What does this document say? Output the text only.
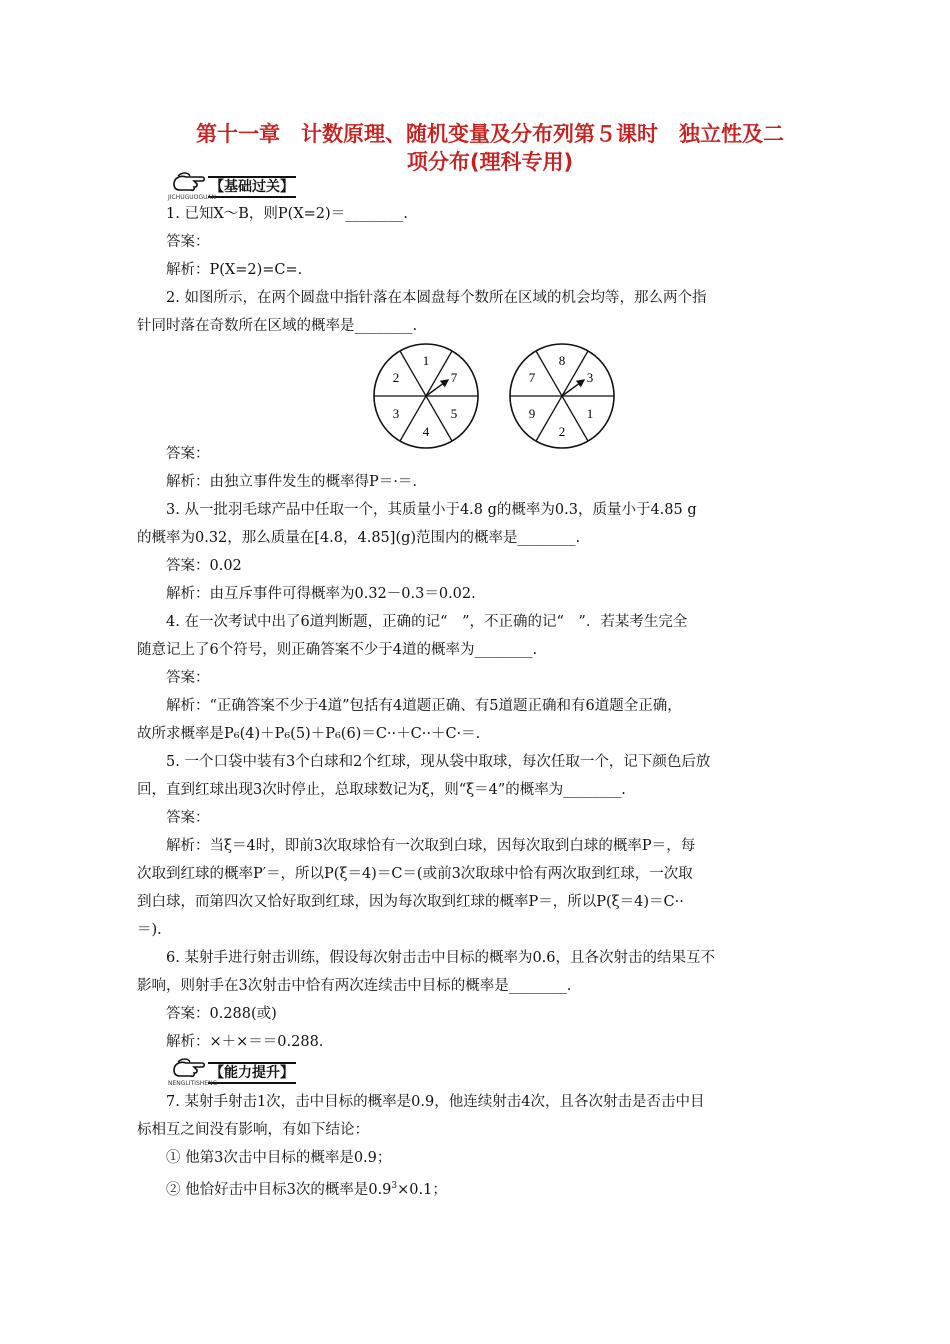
第十一章　计数原理、随机变量及分布列第５课时　独立性及二
项分布(理科专用)
【基础过关】
JICHUGUOGUAN
1. 已知X～B，则P(X=2)＝________.
答案：
解析：P(X=2)=C=.
2. 如图所示，在两个圆盘中指针落在本圆盘每个数所在区域的机会均等，那么两个指
针同时落在奇数所在区域的概率是________.
1
7
5
4
3
2
8
3
1
2
9
7
答案：
解析：由独立事件发生的概率得P＝·＝.
3. 从一批羽毛球产品中任取一个，其质量小于4.8 g的概率为0.3，质量小于4.85 g
的概率为0.32，那么质量在[4.8，4.85](g)范围内的概率是________.
答案：0.02
解析：由互斥事件可得概率为0.32－0.3＝0.02.
4. 在一次考试中出了6道判断题，正确的记“　”，不正确的记“　”．若某考生完全
随意记上了6个符号，则正确答案不少于4道的概率为________.
答案：
解析：“正确答案不少于4道”包括有4道题正确、有5道题正确和有6道题全正确，
故所求概率是P₆(4)＋P₆(5)＋P₆(6)＝C··＋C··＋C·＝.
5. 一个口袋中装有3个白球和2个红球，现从袋中取球，每次任取一个，记下颜色后放
回，直到红球出现3次时停止，总取球数记为ξ，则“ξ＝4”的概率为________.
答案：
解析：当ξ＝4时，即前3次取球恰有一次取到白球，因每次取到白球的概率P＝，每
次取到红球的概率P′＝，所以P(ξ＝4)＝C＝(或前3次取球中恰有两次取到红球，一次取
到白球，而第四次又恰好取到红球，因为每次取到红球的概率P＝，所以P(ξ＝4)＝C··
＝).
6. 某射手进行射击训练，假设每次射击击中目标的概率为0.6，且各次射击的结果互不
影响，则射手在3次射击中恰有两次连续击中目标的概率是________.
答案：0.288(或)
解析：×＋×＝＝0.288.
【能力提升】
NENGLITISHENG
7. 某射手射击1次，击中目标的概率是0.9，他连续射击4次，且各次射击是否击中目
标相互之间没有影响，有如下结论：
① 他第3次击中目标的概率是0.9；
② 他恰好击中目标3次的概率是$0.9^3\times 0.1$；
